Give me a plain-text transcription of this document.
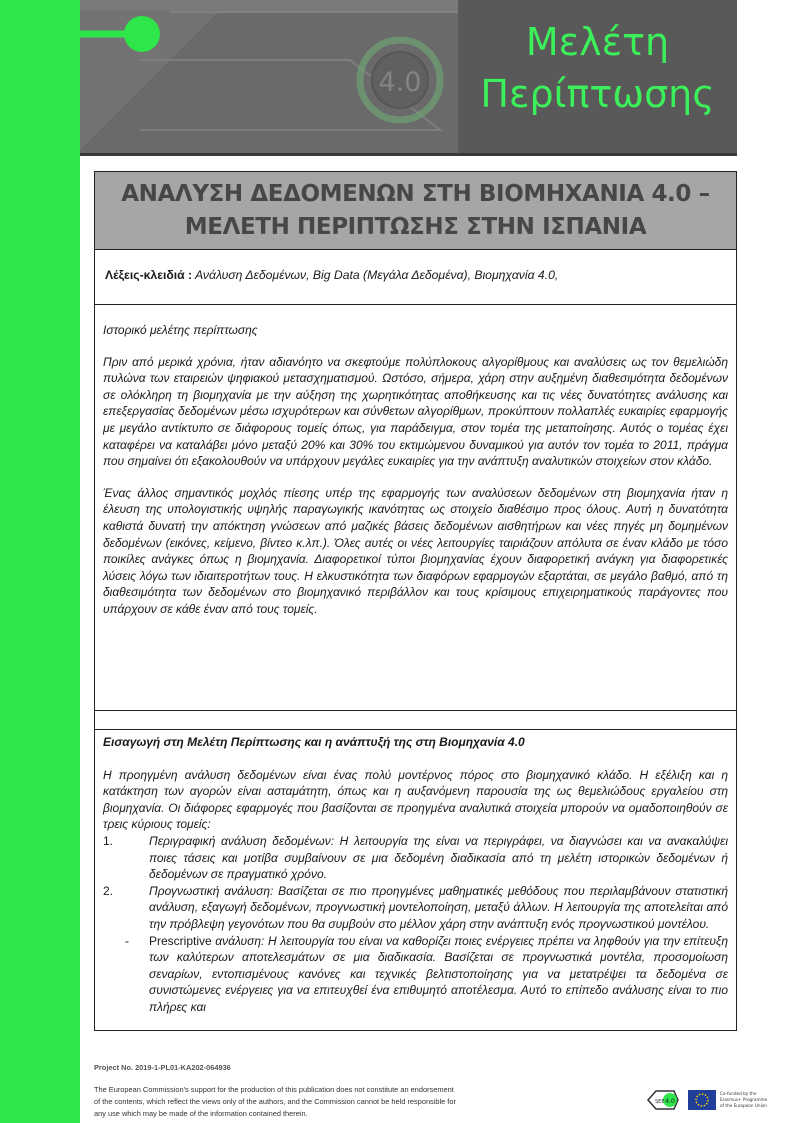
4.0
Μελέτη
Περίπτωσης
ΑΝΑΛΥΣΗ ΔΕΔΟΜΕΝΩΝ ΣΤΗ ΒΙΟΜΗΧΑΝΙΑ 4.0 –
ΜΕΛΕΤΗ ΠΕΡΙΠΤΩΣΗΣ ΣΤΗΝ ΙΣΠΑΝΙΑ
Λέξεις-κλειδιά : Ανάλυση Δεδομένων, Big Data (Μεγάλα Δεδομένα), Βιομηχανία 4.0,

Ιστορικό μελέτης περίπτωσης

Πριν από μερικά χρόνια, ήταν αδιανόητο να σκεφτούμε πολύπλοκους αλγορίθμους και αναλύσεις ως τον θεμελιώδη πυλώνα των εταιρειών ψηφιακού μετασχηματισμού. Ωστόσο, σήμερα, χάρη στην αυξημένη διαθεσιμότητα δεδομένων σε ολόκληρη τη βιομηχανία με την αύξηση της χωρητικότητας αποθήκευσης και τις νέες δυνατότητες ανάλυσης και επεξεργασίας δεδομένων μέσω ισχυρότερων και σύνθετων αλγορίθμων, προκύπτουν πολλαπλές ευκαιρίες εφαρμογής με μεγάλο αντίκτυπο σε διάφορους τομείς όπως, για παράδειγμα, στον τομέα της μεταποίησης. Αυτός ο τομέας έχει καταφέρει να καταλάβει μόνο μεταξύ 20% και 30% του εκτιμώμενου δυναμικού για αυτόν τον τομέα το 2011, πράγμα που σημαίνει ότι εξακολουθούν να υπάρχουν μεγάλες ευκαιρίες για την ανάπτυξη αναλυτικών στοιχείων στον κλάδο.

Ένας άλλος σημαντικός μοχλός πίεσης υπέρ της εφαρμογής των αναλύσεων δεδομένων στη βιομηχανία ήταν η έλευση της υπολογιστικής υψηλής παραγωγικής ικανότητας ως στοιχείο διαθέσιμο προς όλους. Αυτή η δυνατότητα καθιστά δυνατή την απόκτηση γνώσεων από μαζικές βάσεις δεδομένων αισθητήρων και νέες πηγές μη δομημένων δεδομένων (εικόνες, κείμενο, βίντεο κ.λπ.). Όλες αυτές οι νέες λειτουργίες ταιριάζουν απόλυτα σε έναν κλάδο με τόσο ποικίλες ανάγκες όπως η βιομηχανία. Διαφορετικοί τύποι βιομηχανίας έχουν διαφορετική ανάγκη για διαφορετικές λύσεις λόγω των ιδιαιτεροτήτων τους. Η ελκυστικότητα των διαφόρων εφαρμογών εξαρτάται, σε μεγάλο βαθμό, από τη διαθεσιμότητα των δεδομένων στο βιομηχανικό περιβάλλον και τους κρίσιμους επιχειρηματικούς παράγοντες που υπάρχουν σε κάθε έναν από τους τομείς.

Εισαγωγή στη Μελέτη Περίπτωσης και η ανάπτυξή της στη Βιομηχανία 4.0

Η προηγμένη ανάλυση δεδομένων είναι ένας πολύ μοντέρνος πόρος στο βιομηχανικό κλάδο. Η εξέλιξη και η κατάκτηση των αγορών είναι ασταμάτητη, όπως και η αυξανόμενη παρουσία της ως θεμελιώδους εργαλείου στη βιομηχανία. Οι διάφορες εφαρμογές που βασίζονται σε προηγμένα αναλυτικά στοιχεία μπορούν να ομαδοποιηθούν σε τρεις κύριους τομείς:

1.	Περιγραφική ανάλυση δεδομένων: Η λειτουργία της είναι να περιγράφει, να διαγνώσει και να ανακαλύψει ποιες τάσεις και μοτίβα συμβαίνουν σε μια δεδομένη διαδικασία από τη μελέτη ιστορικών δεδομένων ή δεδομένων σε πραγματικό χρόνο.
2.	Προγνωστική ανάλυση: Βασίζεται σε πιο προηγμένες μαθηματικές μεθόδους που περιλαμβάνουν στατιστική ανάλυση, εξαγωγή δεδομένων, προγνωστική μοντελοποίηση, μεταξύ άλλων. Η λειτουργία της αποτελείται από την πρόβλεψη γεγονότων που θα συμβούν στο μέλλον χάρη στην ανάπτυξη ενός προγνωστικού μοντέλου.
-	Prescriptive ανάλυση: Η λειτουργία του είναι να καθορίζει ποιες ενέργειες πρέπει να ληφθούν για την επίτευξη των καλύτερων αποτελεσμάτων σε μια διαδικασία. Βασίζεται σε προγνωστικά μοντέλα, προσομοίωση σεναρίων, εντοπισμένους κανόνες και τεχνικές βελτιστοποίησης για να μετατρέψει τα δεδομένα σε συνιστώμενες ενέργειες για να επιτευχθεί ένα επιθυμητό αποτέλεσμα. Αυτό το επίπεδο ανάλυσης είναι το πιο πλήρες και
Project No. 2019-1-PL01-KA202-064936
The European Commission’s support for the production of this publication does not constitute an endorsement
of the contents, which reflect the views only of the authors, and the Commission cannot be held responsible for
any use which may be made of the information contained therein.
4.0
SEE
Co-funded by the
Erasmus+ Programme
of the European Union
